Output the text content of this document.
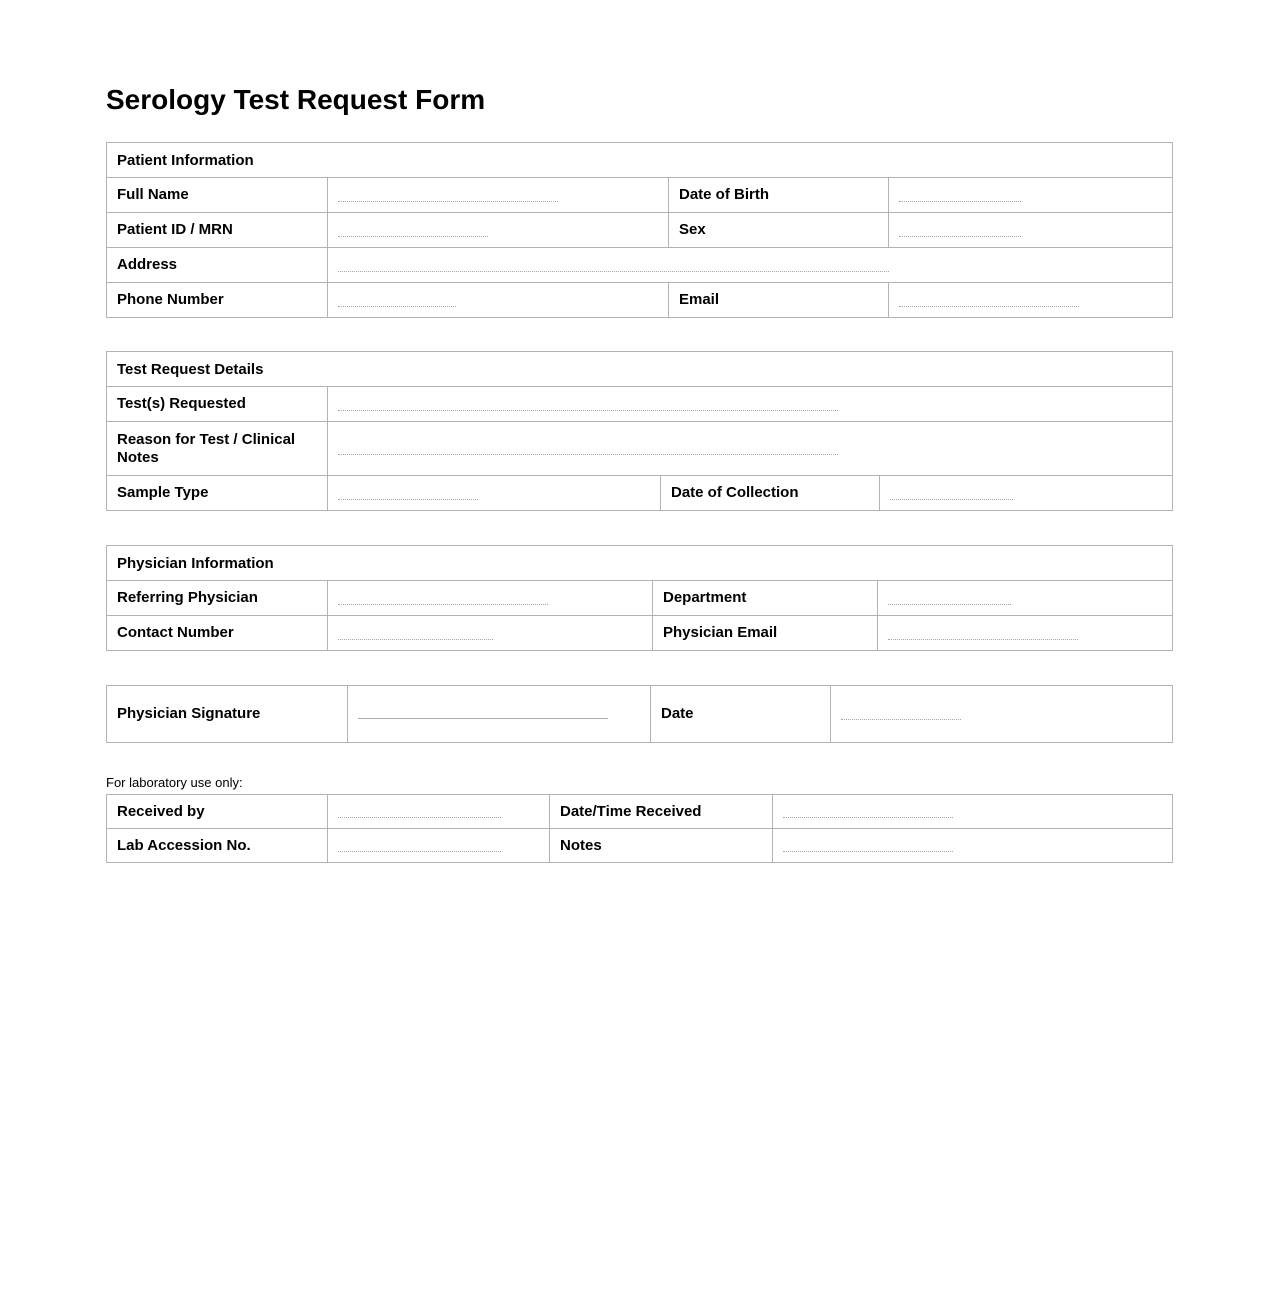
Serology Test Request Form
Patient Information			
Full Name		Date of Birth	
Patient ID / MRN		Sex	
Address			
Phone Number		Email	
Test Request Details			
Test(s) Requested			
Reason for Test / Clinical Notes			
Sample Type		Date of Collection	
Physician Information			
Referring Physician		Department	
Contact Number		Physician Email	
Physician Signature		Date	
For laboratory use only:
Received by		Date/Time Received	
Lab Accession No.		Notes	
